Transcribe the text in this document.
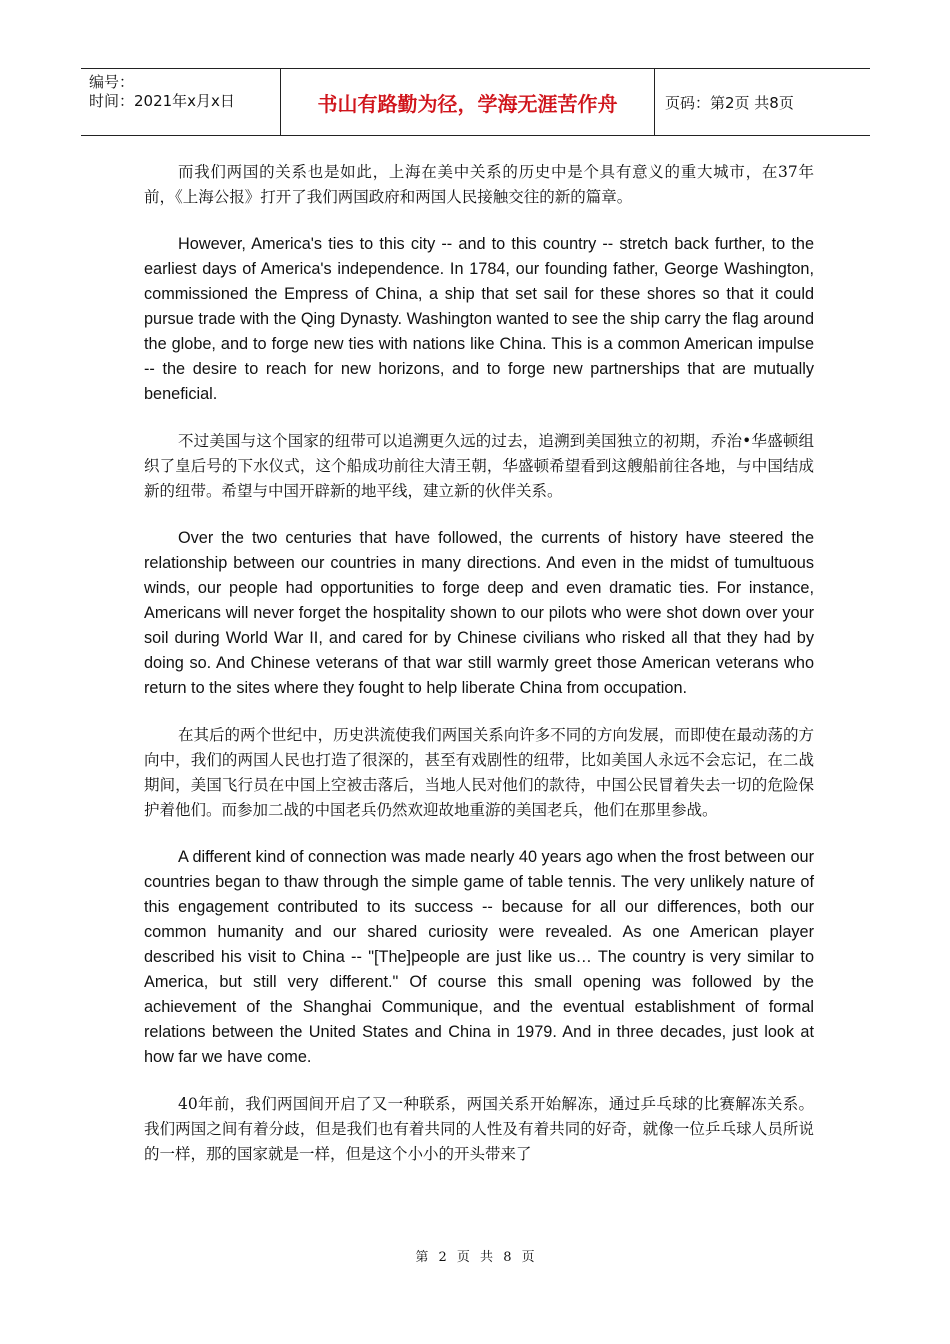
编号：
时间：2021年x月x日	书山有路勤为径，学海无涯苦作舟	页码：第2页 共8页

而我们两国的关系也是如此，上海在美中关系的历史中是个具有意义的重大城市，在37年前，《上海公报》打开了我们两国政府和两国人民接触交往的新的篇章。

However, America's ties to this city -- and to this country -- stretch back further, to the earliest days of America's independence. In 1784, our founding father, George Washington, commissioned the Empress of China, a ship that set sail for these shores so that it could pursue trade with the Qing Dynasty. Washington wanted to see the ship carry the flag around the globe, and to forge new ties with nations like China. This is a common American impulse -- the desire to reach for new horizons, and to forge new partnerships that are mutually beneficial.

不过美国与这个国家的纽带可以追溯更久远的过去，追溯到美国独立的初期，乔治•华盛顿组织了皇后号的下水仪式，这个船成功前往大清王朝，华盛顿希望看到这艘船前往各地，与中国结成新的纽带。希望与中国开辟新的地平线，建立新的伙伴关系。

Over the two centuries that have followed, the currents of history have steered the relationship between our countries in many directions. And even in the midst of tumultuous winds, our people had opportunities to forge deep and even dramatic ties. For instance, Americans will never forget the hospitality shown to our pilots who were shot down over your soil during World War II, and cared for by Chinese civilians who risked all that they had by doing so. And Chinese veterans of that war still warmly greet those American veterans who return to the sites where they fought to help liberate China from occupation.

在其后的两个世纪中，历史洪流使我们两国关系向许多不同的方向发展，而即使在最动荡的方向中，我们的两国人民也打造了很深的，甚至有戏剧性的纽带，比如美国人永远不会忘记，在二战期间，美国飞行员在中国上空被击落后，当地人民对他们的款待，中国公民冒着失去一切的危险保护着他们。而参加二战的中国老兵仍然欢迎故地重游的美国老兵，他们在那里参战。

A different kind of connection was made nearly 40 years ago when the frost between our countries began to thaw through the simple game of table tennis. The very unlikely nature of this engagement contributed to its success -- because for all our differences, both our common humanity and our shared curiosity were revealed. As one American player described his visit to China -- "[The]people are just like us… The country is very similar to America, but still very different." Of course this small opening was followed by the achievement of the Shanghai Communique, and the eventual establishment of formal relations between the United States and China in 1979. And in three decades, just look at how far we have come.

40年前，我们两国间开启了又一种联系，两国关系开始解冻，通过乒乓球的比赛解冻关系。我们两国之间有着分歧，但是我们也有着共同的人性及有着共同的好奇，就像一位乒乓球人员所说的一样，那的国家就是一样，但是这个小小的开头带来了

第 2 页 共 8 页
